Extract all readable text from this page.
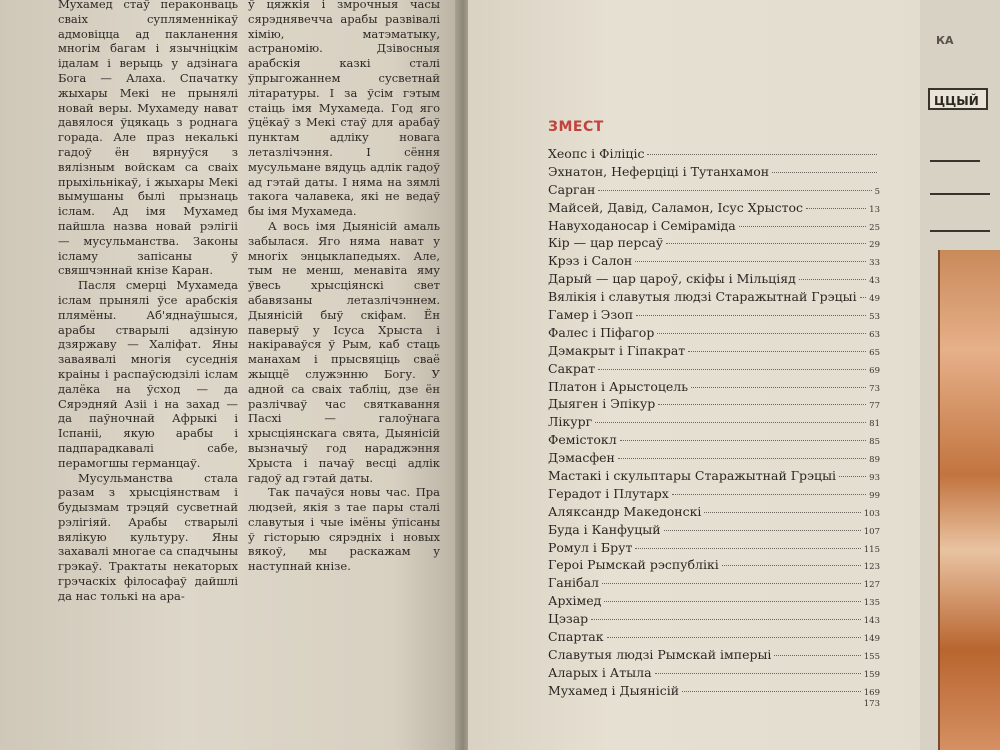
Мухамед стаў пераконваць сваіх супляменнікаў адмовіцца ад пакланення многім багам і язычніцкім ідалам і верыць у адзінага Бога — Алаха. Спачатку жыхары Мекі не прынялі новай веры. Мухамеду нават давялося ўцякаць з роднага горада. Але праз некалькі гадоў ён вярнуўся з вялізным войскам са сваіх прыхільнікаў, і жыхары Мекі вымушаны былі прызнаць іслам. Ад імя Мухамед пайшла назва новай рэлігіі — мусульманства. Законы ісламу запісаны ў свяшчэннай кнізе Каран.

Пасля смерці Мухамеда іслам прынялі ўсе арабскія плямёны. Аб'яднаўшыся, арабы стварылі адзіную дзяржаву — Халіфат. Яны заваявалі многія суседнія краіны і распаўсюдзілі іслам далёка на ўсход — да Сярэдняй Азіі і на захад — да паўночнай Афрыкі і Іспаніі, якую арабы і падпарадкавалі сабе, перамогшы германцаў.

Мусульманства стала разам з хрысціянствам і будызмам трэцяй сусветнай рэлігіяй. Арабы стварылі вялікую культуру. Яны захавалі многае са спадчыны грэкаў. Трактаты некаторых грэчаскіх філосафаў дайшлі да нас толькі на ара-

ў цяжкія і змрочныя часы сярэднявечча арабы развівалі хімію, матэматыку, астраномію. Дзівосныя арабскія казкі сталі ўпрыгожаннем сусветнай літаратуры. І за ўсім гэтым стаіць імя Мухамеда. Год яго ўцёкаў з Мекі стаў для арабаў пунктам адліку новага летазлічэння. І сёння мусульмане вядуць адлік гадоў ад гэтай даты. І няма на зямлі такога чалавека, які не ведаў бы імя Мухамеда.

А вось імя Дыянісій амаль забылася. Яго няма нават у многіх энцыклапедыях. Але, тым не менш, менавіта яму ўвесь хрысціянскі свет абавязаны летазлічэннем. Дыянісій быў скіфам. Ён паверыў у Ісуса Хрыста і накіраваўся ў Рым, каб стаць манахам і прысвяціць сваё жыццё служэнню Богу. У адной са сваіх табліц, дзе ён разлічваў час святкавання Пасхі — галоўнага хрысціянскага свята, Дыянісій вызначыў год нараджэння Хрыста і пачаў весці адлік гадоў ад гэтай даты.

Так пачаўся новы час. Пра людзей, якія з тае пары сталі славутыя і чые імёны ўпісаны ў гісторыю сярэдніх і новых вякоў, мы раскажам у наступнай кнізе.

КА
ЦЦЫЙ
ЗМЕСТ
Хеопс і Філіціс
Эхнатон, Неферціці і Тутанхамон
Сарган	5
Майсей, Давід, Саламон, Ісус Хрыстос	13
Навуходаносар і Семіраміда	25
Кір — цар персаў	29
Крэз і Салон	33
Дарый — цар цароў, скіфы і Мільціяд	43
Вялікія і славутыя людзі Старажытнай Грэцыі 49
Гамер і Эзоп	53
Фалес і Піфагор	63
Дэмакрыт і Гіпакрат	65
Сакрат	69
Платон і Арыстоцель	73
Дыяген і Эпікур	77
Лікург	81
Фемістокл	85
Дэмасфен	89
Мастакі і скульптары Старажытнай Грэцыі	93
Герадот і Плутарх	99
Аляксандр Македонскі	103
Буда і Канфуцый	107
Ромул і Брут	115
Героі Рымскай рэспублікі	123
Ганібал	127
Архімед	135
Цэзар	143
Спартак	149
Славутыя людзі Рымскай імперыі	155
Аларых і Атыла	159
Мухамед і Дыянісій	169
173
